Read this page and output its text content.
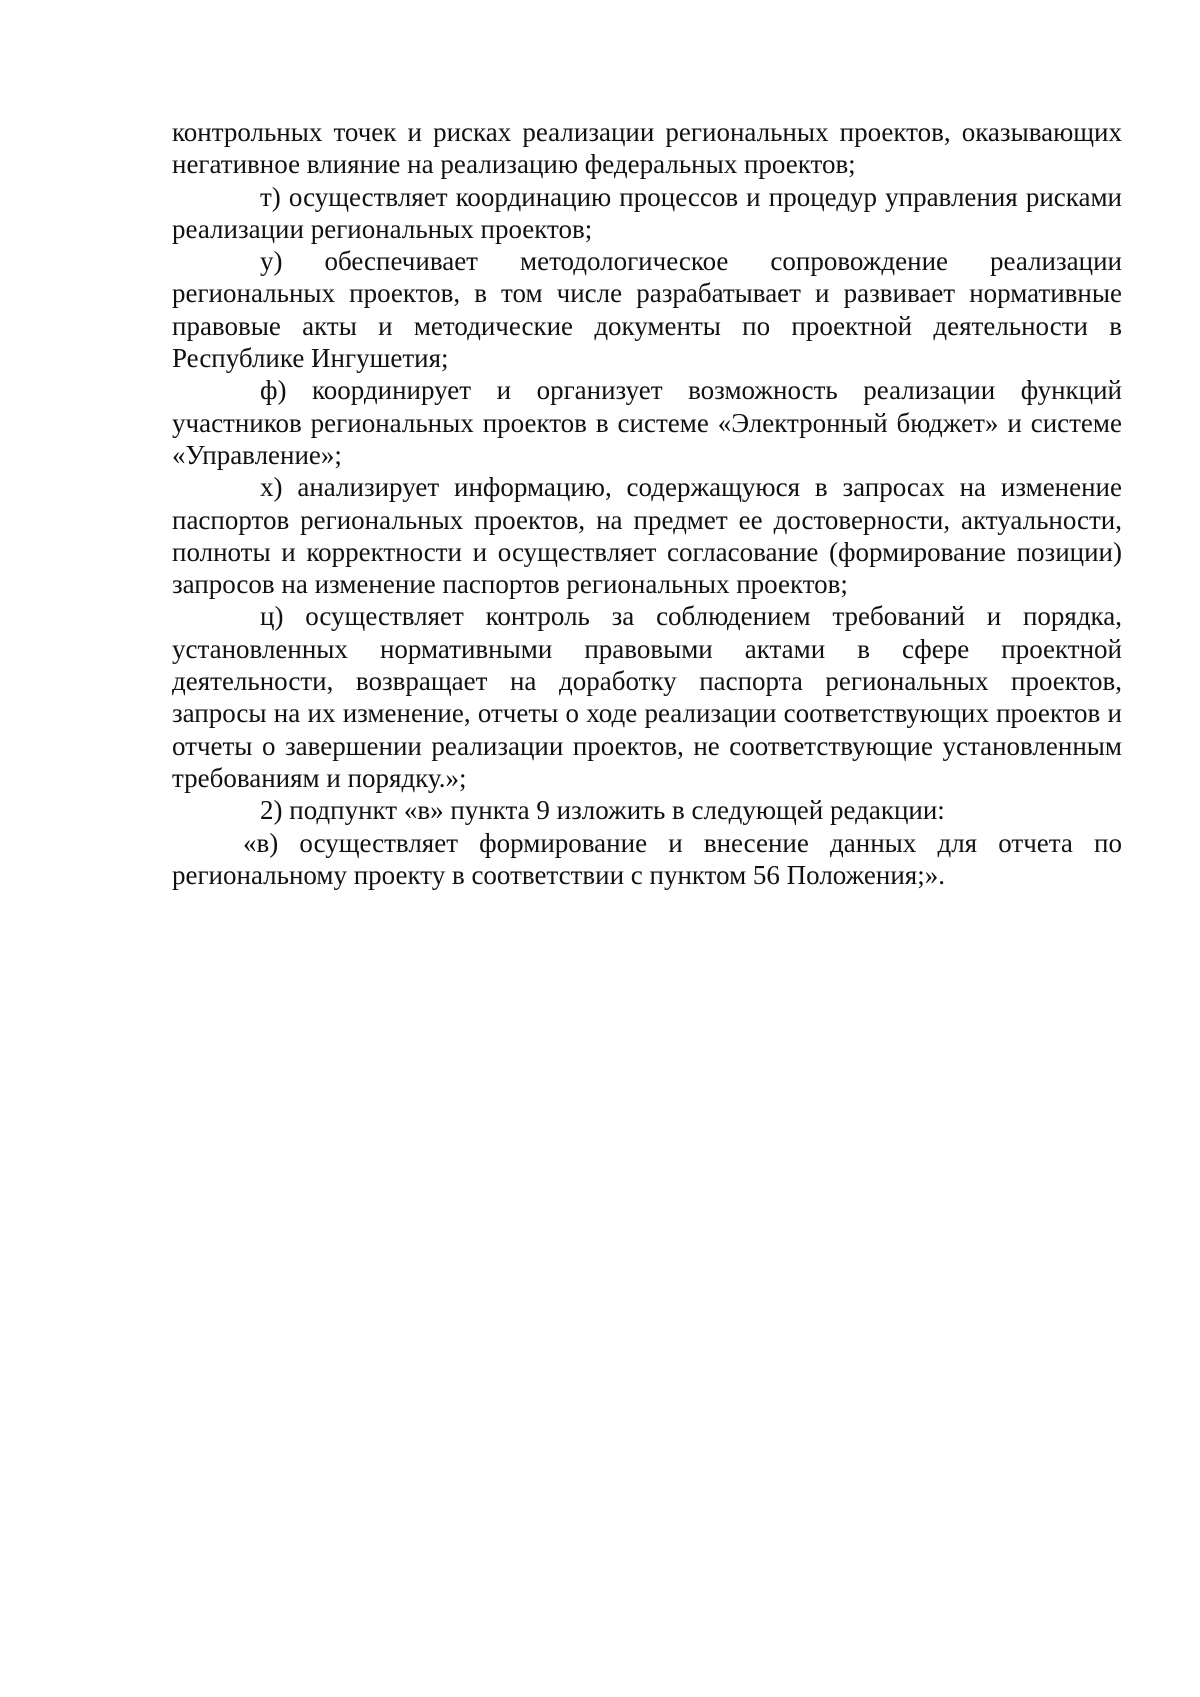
контрольных точек и рисках реализации региональных проектов, оказывающих негативное влияние на реализацию федеральных проектов;

т) осуществляет координацию процессов и процедур управления рисками реализации региональных проектов;

у) обеспечивает методологическое сопровождение реализации региональных проектов, в том числе разрабатывает и развивает нормативные правовые акты и методические документы по проектной деятельности в Республике Ингушетия;

ф) координирует и организует возможность реализации функций участников региональных проектов в системе «Электронный бюджет» и системе «Управление»;

х) анализирует информацию, содержащуюся в запросах на изменение паспортов региональных проектов, на предмет ее достоверности, актуальности, полноты и корректности и осуществляет согласование (формирование позиции) запросов на изменение паспортов региональных проектов;

ц) осуществляет контроль за соблюдением требований и порядка, установленных нормативными правовыми актами в сфере проектной деятельности, возвращает на доработку паспорта региональных проектов, запросы на их изменение, отчеты о ходе реализации соответствующих проектов и отчеты о завершении реализации проектов, не соответствующие установленным требованиям и порядку.»;

2) подпункт «в» пункта 9 изложить в следующей редакции:

«в) осуществляет формирование и внесение данных для отчета по региональному проекту в соответствии с пунктом 56 Положения;».
